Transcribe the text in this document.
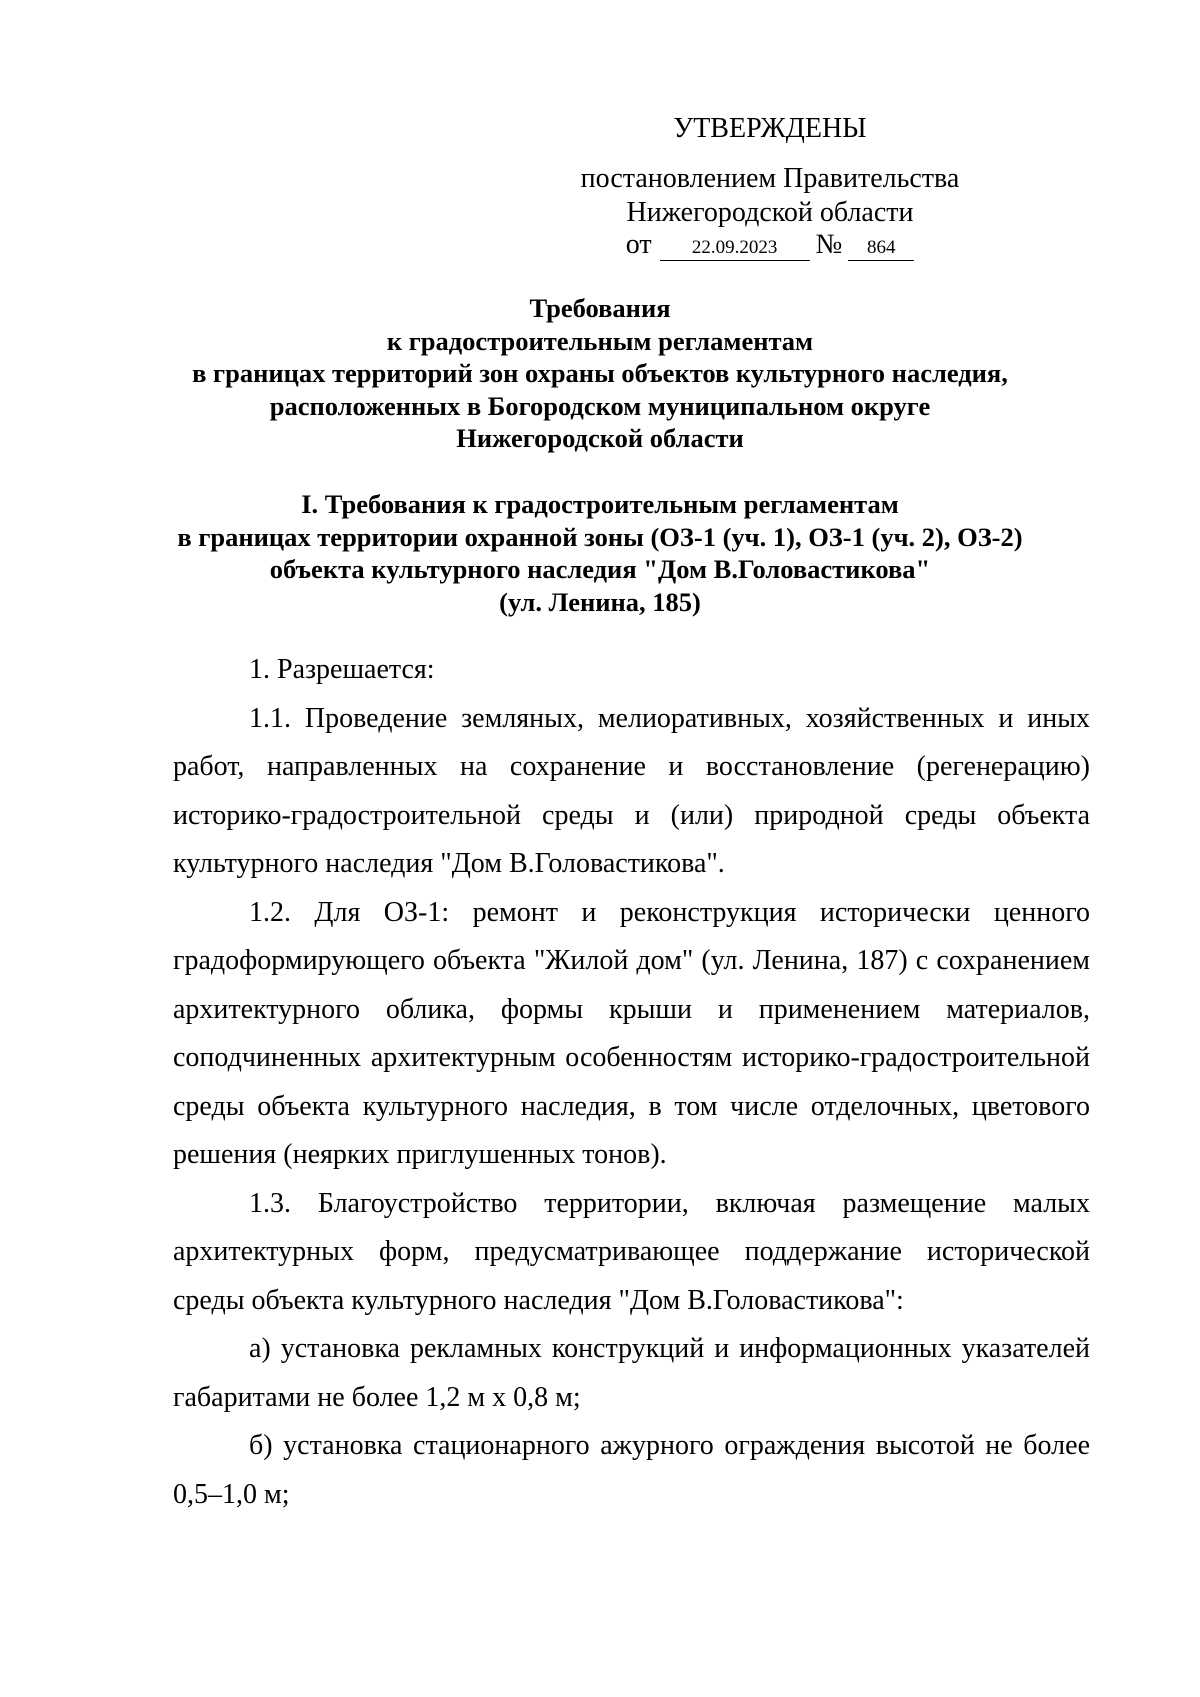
УТВЕРЖДЕНЫ
постановлением Правительства
Нижегородской области
от 22.09.2023 № 864
Требования
к градостроительным регламентам
в границах территорий зон охраны объектов культурного наследия,
расположенных в Богородском муниципальном округе
Нижегородской области
I. Требования к градостроительным регламентам
в границах территории охранной зоны (ОЗ-1 (уч. 1), ОЗ-1 (уч. 2), ОЗ-2)
объекта культурного наследия "Дом В.Головастикова"
(ул. Ленина, 185)

1. Разрешается:

1.1. Проведение земляных, мелиоративных, хозяйственных и иных работ, направленных на сохранение и восстановление (регенерацию) историко-градостроительной среды и (или) природной среды объекта культурного наследия "Дом В.Головастикова".

1.2. Для ОЗ-1: ремонт и реконструкция исторически ценного градоформирующего объекта "Жилой дом" (ул. Ленина, 187) с сохранением архитектурного облика, формы крыши и применением материалов, соподчиненных архитектурным особенностям историко-градостроительной среды объекта культурного наследия, в том числе отделочных, цветового решения (неярких приглушенных тонов).

1.3. Благоустройство территории, включая размещение малых архитектурных форм, предусматривающее поддержание исторической среды объекта культурного наследия "Дом В.Головастикова":

а) установка рекламных конструкций и информационных указателей габаритами не более 1,2 м х 0,8 м;

б) установка стационарного ажурного ограждения высотой не более 0,5–1,0 м;
